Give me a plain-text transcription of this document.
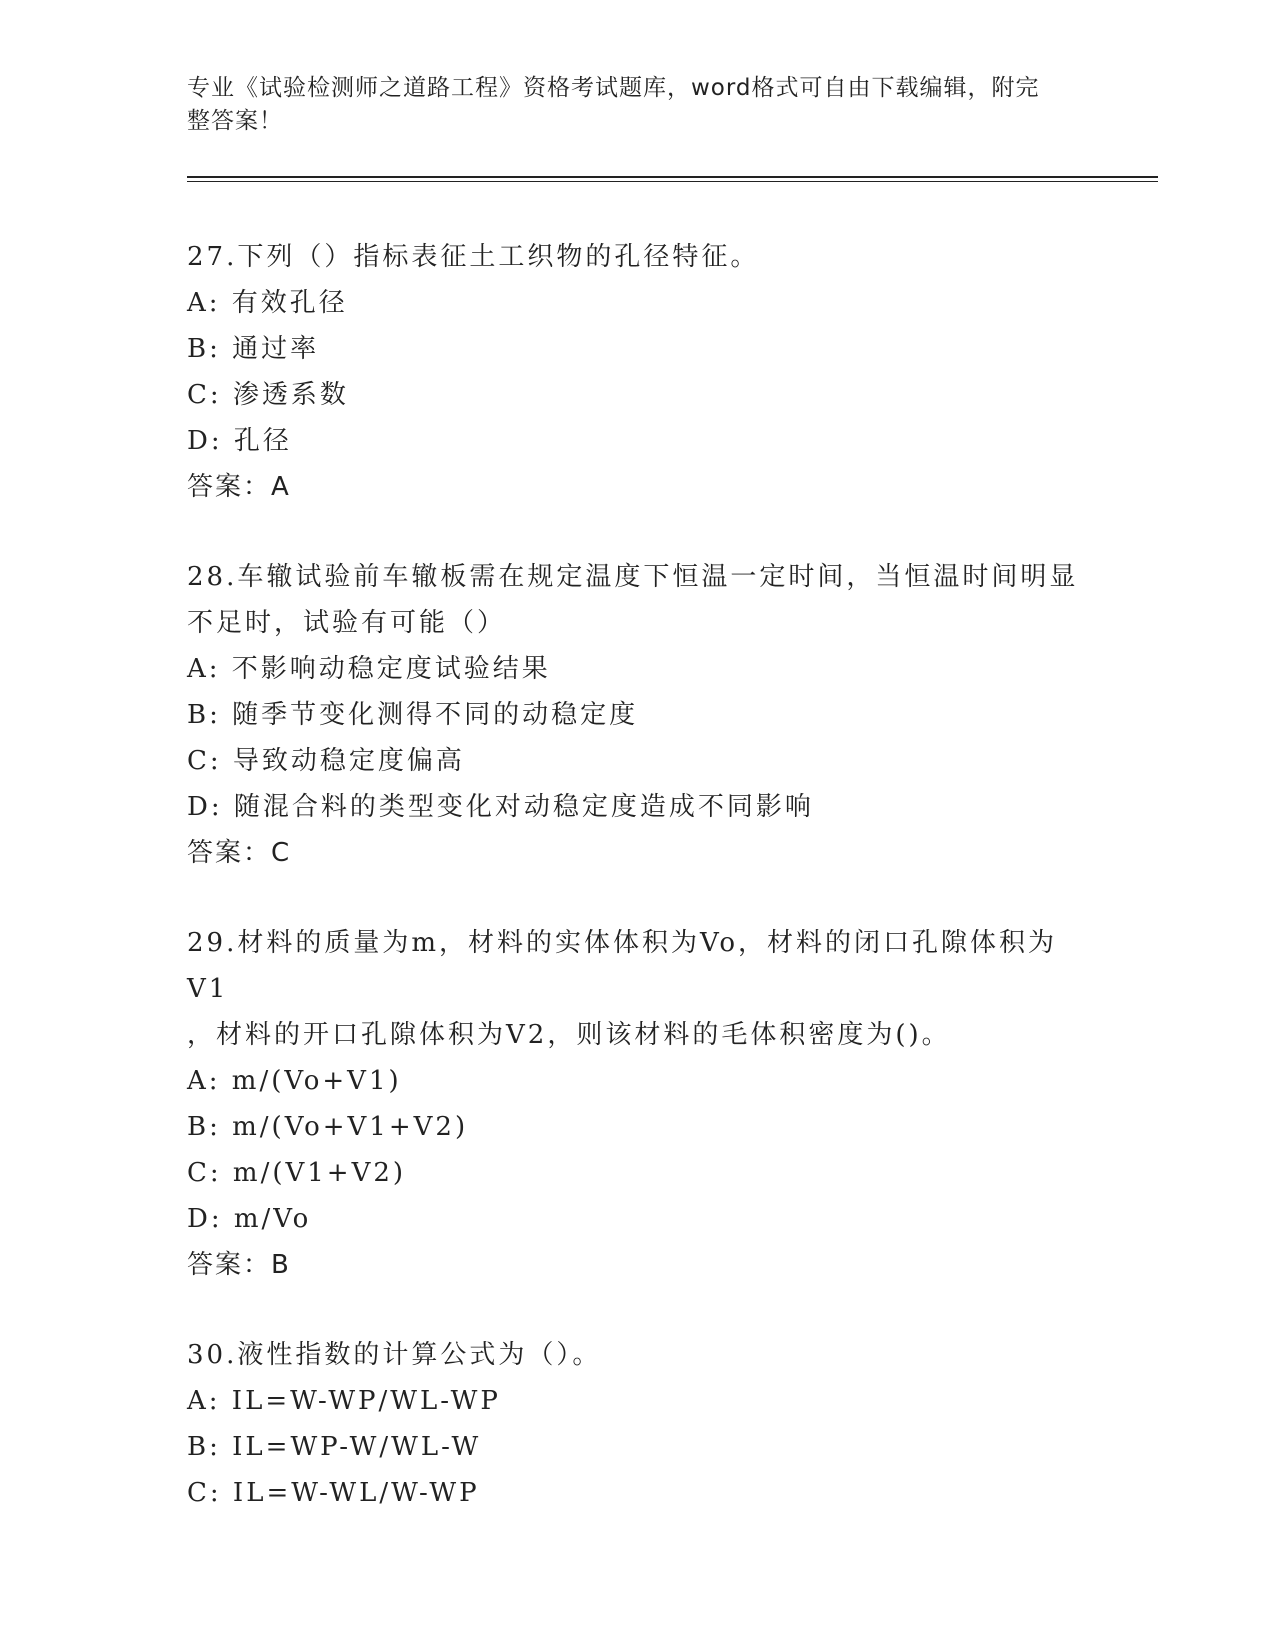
专业《试验检测师之道路工程》资格考试题库，word格式可自由下载编辑，附完
整答案！

27.下列（）指标表征土工织物的孔径特征。

A: 有效孔径

B: 通过率

C: 渗透系数

D: 孔径

答案：A

28.车辙试验前车辙板需在规定温度下恒温一定时间，当恒温时间明显

不足时，试验有可能（）

A: 不影响动稳定度试验结果

B: 随季节变化测得不同的动稳定度

C: 导致动稳定度偏高

D: 随混合料的类型变化对动稳定度造成不同影响

答案：C

29.材料的质量为m，材料的实体体积为Vo，材料的闭口孔隙体积为V1

，材料的开口孔隙体积为V2，则该材料的毛体积密度为()。

A: m/(Vo+V1)

B: m/(Vo+V1+V2)

C: m/(V1+V2)

D: m/Vo

答案：B

30.液性指数的计算公式为（）。

A: IL=W-WP/WL-WP

B: IL=WP-W/WL-W

C: IL=W-WL/W-WP
